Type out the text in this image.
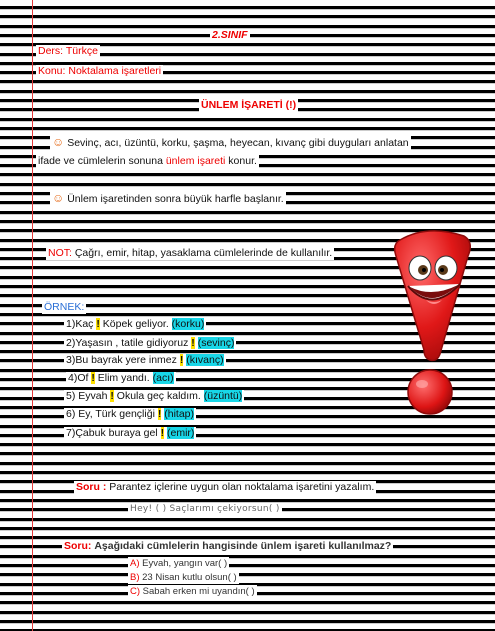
2.SINIF
Ders: Türkçe
Konu: Noktalama işaretleri
ÜNLEM İŞARETİ (!)
☺ Sevinç, acı, üzüntü, korku, şaşma, heyecan, kıvanç gibi duyguları anlatan
ifade ve cümlelerin sonuna ünlem işareti konur.
☺ Ünlem işaretinden sonra büyük harfle başlanır.
NOT: Çağrı, emir, hitap, yasaklama cümlelerinde de kullanılır.
ÖRNEK:
1)Kaç ! Köpek geliyor. (korku)
2)Yaşasın , tatile gidiyoruz ! (sevinç)
3)Bu bayrak yere inmez ! (kıvanç)
4)Of ! Elim yandı. (acı)
5) Eyvah ! Okula geç kaldım. (üzüntü)
6) Ey, Türk gençliği ! (hitap)
7)Çabuk buraya gel ! (emir)
Soru : Parantez içlerine uygun olan noktalama işaretini yazalım.
Hey! ( ) Saçlarımı çekiyorsun( )
Soru: Aşağıdaki cümlelerin hangisinde ünlem işareti kullanılmaz?
A) Eyvah, yangın var( )
B) 23 Nisan kutlu olsun( )
C) Sabah erken mi uyandın( )
